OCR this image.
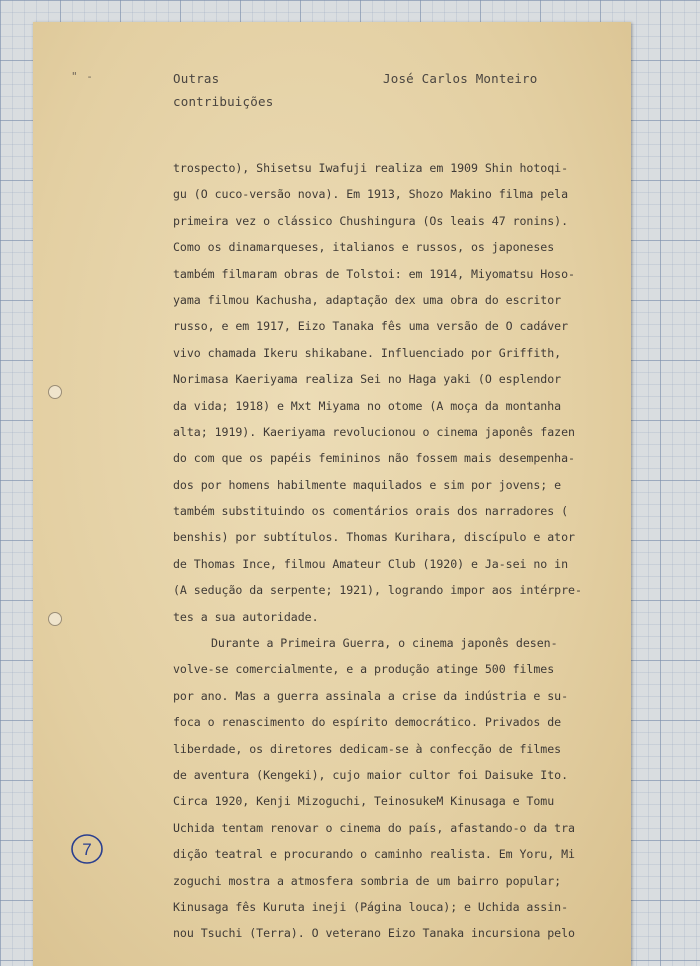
" -	Outras
contribuições
José Carlos Monteiro
trospecto), Shisetsu Iwafuji realiza em 1909 Shin hotoqi-
gu (O cuco-versão nova). Em 1913, Shozo Makino filma pela
primeira vez o clássico Chushingura (Os leais 47 ronins).
Como os dinamarqueses, italianos e russos, os japoneses
também filmaram obras de Tolstoi: em 1914, Miyomatsu Hoso-
yama filmou Kachusha, adaptação dex uma obra do escritor
russo, e em 1917, Eizo Tanaka fês uma versão de O cadáver
vivo chamada Ikeru shikabane. Influenciado por Griffith,
Norimasa Kaeriyama realiza Sei no Haga yaki (O esplendor
da vida; 1918) e Mxt Miyama no otome (A moça da montanha
alta; 1919). Kaeriyama revolucionou o cinema japonês fazen
do com que os papéis femininos não fossem mais desempenha-
dos por homens habilmente maquilados e sim por jovens; e
também substituindo os comentários orais dos narradores (
benshis) por subtítulos. Thomas Kurihara, discípulo e ator
de Thomas Ince, filmou Amateur Club (1920) e Ja-sei no in
(A sedução da serpente; 1921), logrando impor aos intérpre-
tes a sua autoridade.
Durante a Primeira Guerra, o cinema japonês desen-
volve-se comercialmente, e a produção atinge 500 filmes
por ano. Mas a guerra assinala a crise da indústria e su-
foca o renascimento do espírito democrático. Privados de
liberdade, os diretores dedicam-se à confecção de filmes
de aventura (Kengeki), cujo maior cultor foi Daisuke Ito.
Circa 1920, Kenji Mizoguchi, TeinosukeM Kinusaga e Tomu
Uchida tentam renovar o cinema do país, afastando-o da tra
dição teatral e procurando o caminho realista. Em Yoru, Mi
zoguchi mostra a atmosfera sombria de um bairro popular;
Kinusaga fês Kuruta ineji (Página louca); e Uchida assin-
nou Tsuchi (Terra). O veterano Eizo Tanaka incursiona pelo
7
